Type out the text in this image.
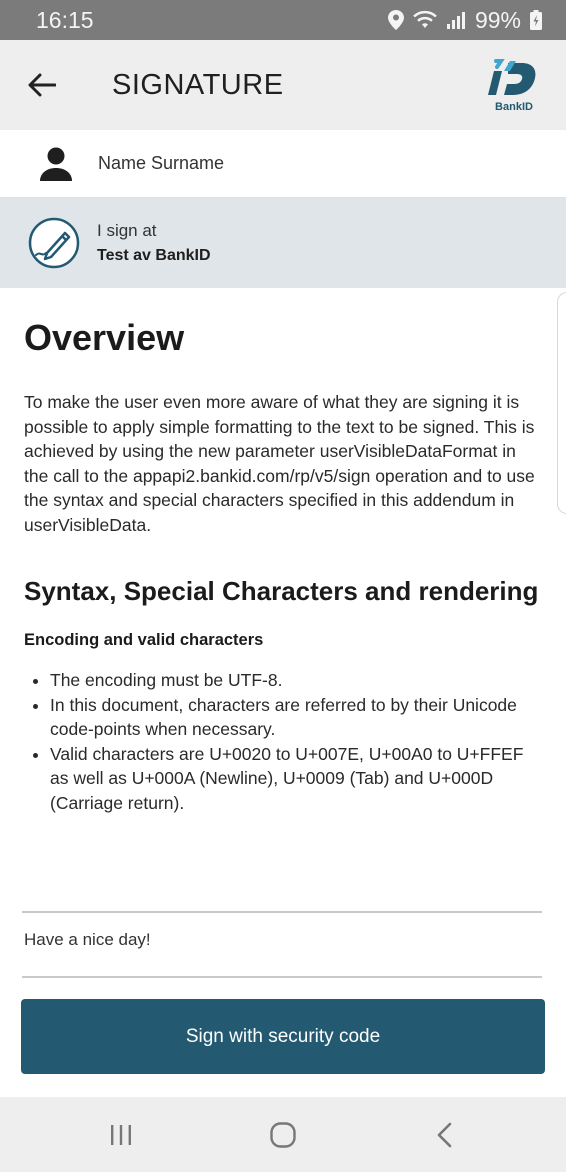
16:15	99%
SIGNATURE
BankID
Name Surname
I sign at
Test av BankID
Overview

To make the user even more aware of what they are signing it is possible to apply simple formatting to the text to be signed. This is achieved by using the new parameter userVisibleDataFormat in the call to the appapi2.bankid.com/rp/v5/sign operation and to use the syntax and special characters specified in this addendum in userVisibleData.

Syntax, Special Characters and rendering
Encoding and valid characters
• The encoding must be UTF-8.
• In this document, characters are referred to by their Unicode code-points when necessary.
• Valid characters are U+0020 to U+007E, U+00A0 to U+FFEF as well as U+000A (Newline), U+0009 (Tab) and U+000D (Carriage return).
Have a nice day!
Sign with security code
